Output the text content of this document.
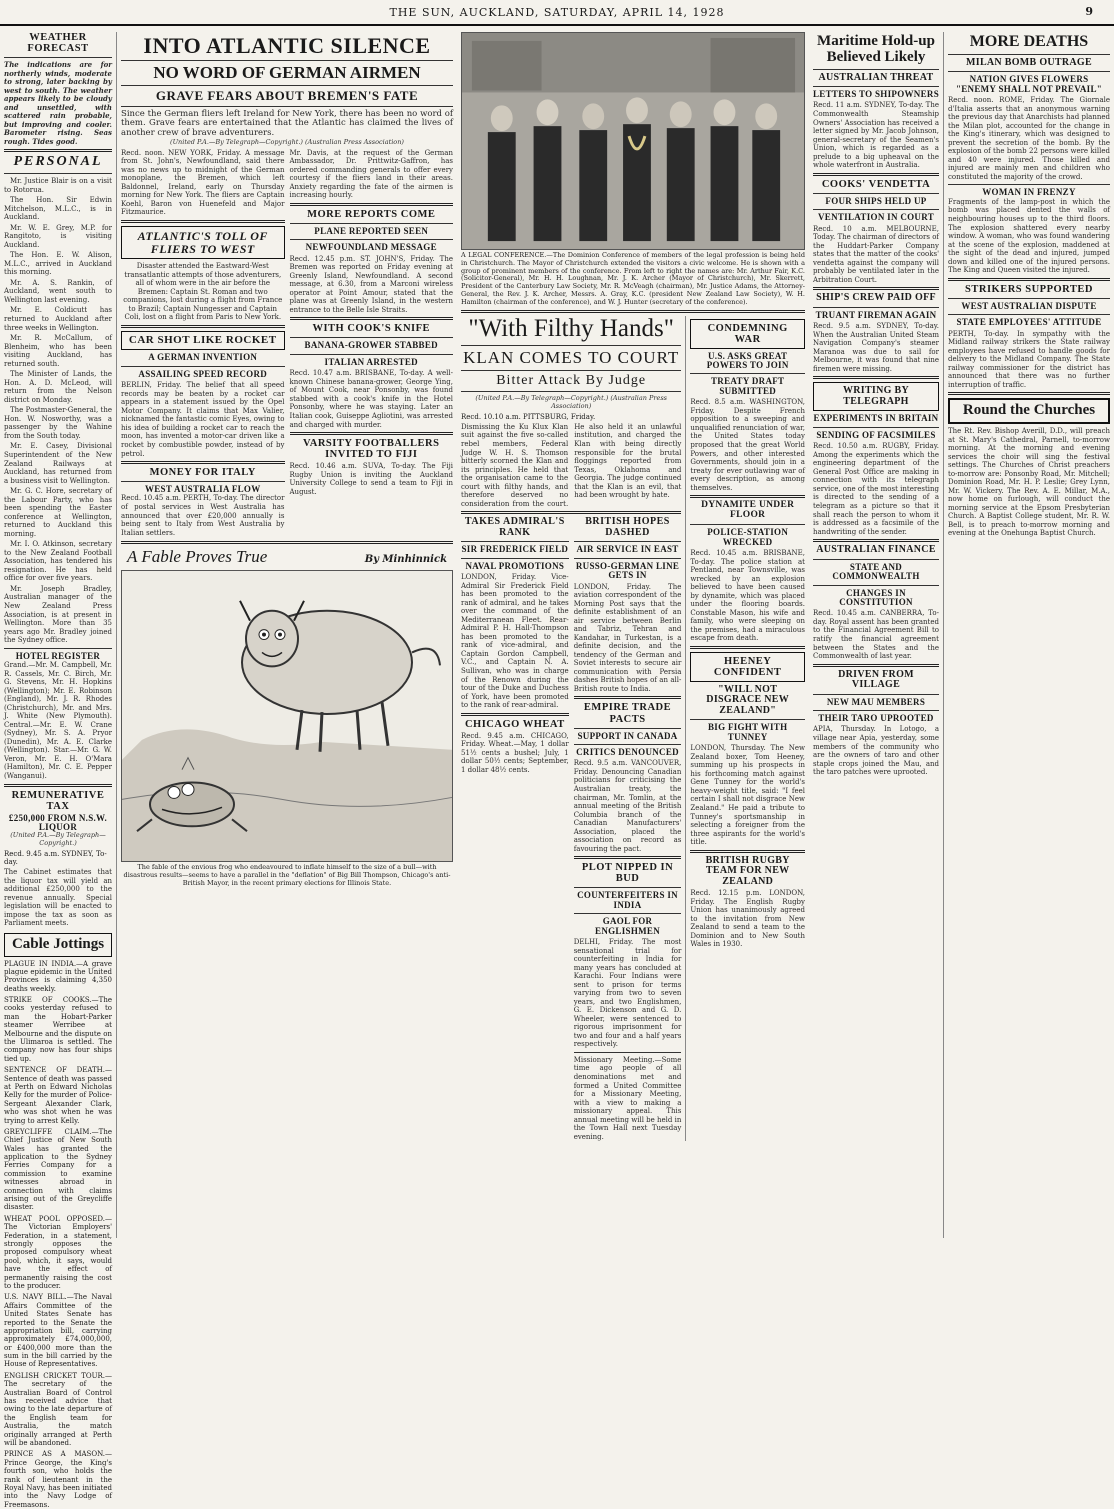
THE SUN, AUCKLAND, SATURDAY, APRIL 14, 1928	9
WEATHER FORECAST
The indications are for northerly winds, moderate to strong, later backing by west to south. The weather appears likely to be cloudy and unsettled, with scattered rain probable, but improving and cooler. Barometer rising. Seas rough. Tides good.
PERSONAL

Mr. Justice Blair is on a visit to Rotorua.

The Hon. Sir Edwin Mitchelson, M.L.C., is in Auckland.

Mr. W. E. Grey, M.P. for Rangitoto, is visiting Auckland.

The Hon. E. W. Alison, M.L.C., arrived in Auckland this morning.

Mr. A. S. Rankin, of Auckland, went south to Wellington last evening.

Mr. E. Coldicutt has returned to Auckland after three weeks in Wellington.

Mr. R. McCallum, of Blenheim, who has been visiting Auckland, has returned south.

The Minister of Lands, the Hon. A. D. McLeod, will return from the Nelson district on Monday.

The Postmaster-General, the Hon. W. Nosworthy, was a passenger by the Wahine from the South today.

Mr. E. Casey, Divisional Superintendent of the New Zealand Railways at Auckland, has returned from a business visit to Wellington.

Mr. G. C. Hore, secretary of the Labour Party, who has been spending the Easter conference at Wellington, returned to Auckland this morning.

Mr. I. O. Atkinson, secretary to the New Zealand Football Association, has tendered his resignation. He has held office for over five years.

Mr. Joseph Bradley, Australian manager of the New Zealand Press Association, is at present in Wellington. More than 35 years ago Mr. Bradley joined the Sydney office.

HOTEL REGISTER
Grand.—Mr. M. Campbell, Mr. R. Cassels, Mr. C. Birch, Mr. G. Stevens, Mr. H. Hopkins (Wellington); Mr. E. Robinson (England), Mr. J. R. Rhodes (Christchurch), Mr. and Mrs. J. White (New Plymouth). Central.—Mr. E. W. Crane (Sydney), Mr. S. A. Pryor (Dunedin), Mr. A. E. Clarke (Wellington). Star.—Mr. G. W. Veron, Mr. E. H. O'Mara (Hamilton), Mr. C. E. Pepper (Wanganui).
REMUNERATIVE TAX
£250,000 FROM N.S.W. LIQUOR
(United P.A.—By Telegraph—Copyright.)
Recd. 9.45 a.m. SYDNEY, To-day.
The Cabinet estimates that the liquor tax will yield an additional £250,000 to the revenue annually. Special legislation will be enacted to impose the tax as soon as Parliament meets.
Cable Jottings
PLAGUE IN INDIA.—A grave plague epidemic in the United Provinces is claiming 4,350 deaths weekly.
STRIKE OF COOKS.—The cooks yesterday refused to man the Hobart-Parker steamer Werribee at Melbourne and the dispute on the Ulimaroa is settled. The company now has four ships tied up.
SENTENCE OF DEATH.—Sentence of death was passed at Perth on Edward Nicholas Kelly for the murder of Police-Sergeant Alexander Clark, who was shot when he was trying to arrest Kelly.
GREYCLIFFE CLAIM.—The Chief Justice of New South Wales has granted the application to the Sydney Ferries Company for a commission to examine witnesses abroad in connection with claims arising out of the Greycliffe disaster.
WHEAT POOL OPPOSED.—The Victorian Employers' Federation, in a statement, strongly opposes the proposed compulsory wheat pool, which, it says, would have the effect of permanently raising the cost to the producer.
U.S. NAVY BILL.—The Naval Affairs Committee of the United States Senate has reported to the Senate the appropriation bill, carrying approximately £74,000,000, or £400,000 more than the sum in the bill carried by the House of Representatives.
ENGLISH CRICKET TOUR.—The secretary of the Australian Board of Control has received advice that owing to the late departure of the English team for Australia, the match originally arranged at Perth will be abandoned.
PRINCE AS A MASON.—Prince George, the King's fourth son, who holds the rank of lieutenant in the Royal Navy, has been initiated into the Navy Lodge of Freemasons.
INTO ATLANTIC SILENCE
NO WORD OF GERMAN AIRMEN
GRAVE FEARS ABOUT BREMEN'S FATE
Since the German fliers left Ireland for New York, there has been no word of them. Grave fears are entertained that the Atlantic has claimed the lives of another crew of brave adventurers.
(United P.A.—By Telegraph—Copyright.) (Australian Press Association)
Recd. noon. NEW YORK, Friday. A message from St. John's, Newfoundland, said there was no news up to midnight of the German monoplane, the Bremen, which left Baldonnel, Ireland, early on Thursday morning for New York. The fliers are Captain Koehl, Baron von Huenefeld and Major Fitzmaurice.
ATLANTIC'S TOLL OF FLIERS TO WEST
Disaster attended the Eastward-West transatlantic attempts of those adventurers, all of whom were in the air before the Bremen: Captain St. Roman and two companions, lost during a flight from France to Brazil; Captain Nungesser and Captain Coli, lost on a flight from Paris to New York.
CAR SHOT LIKE ROCKET
A GERMAN INVENTION
ASSAILING SPEED RECORD
BERLIN, Friday. The belief that all speed records may be beaten by a rocket car appears in a statement issued by the Opel Motor Company. It claims that Max Valier, nicknamed the fantastic comic Eyes, owing to his idea of building a rocket car to reach the moon, has invented a motor-car driven like a rocket by combustible powder, instead of by petrol.
MONEY FOR ITALY
WEST AUSTRALIA FLOW
Recd. 10.45 a.m. PERTH, To-day. The director of postal services in West Australia has announced that over £20,000 annually is being sent to Italy from West Australia by Italian settlers.
Mr. Davis, at the request of the German Ambassador, Dr. Prittwitz-Gaffron, has ordered commanding generals to offer every courtesy if the fliers land in their areas. Anxiety regarding the fate of the airmen is increasing hourly.
MORE REPORTS COME
PLANE REPORTED SEEN
NEWFOUNDLAND MESSAGE
Recd. 12.45 p.m. ST. JOHN'S, Friday. The Bremen was reported on Friday evening at Greenly Island, Newfoundland. A second message, at 6.30, from a Marconi wireless operator at Point Amour, stated that the plane was at Greenly Island, in the western entrance to the Belle Isle Straits.
WITH COOK'S KNIFE
BANANA-GROWER STABBED
ITALIAN ARRESTED
Recd. 10.47 a.m. BRISBANE, To-day. A well-known Chinese banana-grower, George Ying, of Mount Cook, near Ponsonby, was found stabbed with a cook's knife in the Hotel Ponsonby, where he was staying. Later an Italian cook, Guiseppe Agliotini, was arrested and charged with murder.
VARSITY FOOTBALLERS INVITED TO FIJI
Recd. 10.46 a.m. SUVA, To-day. The Fiji Rugby Union is inviting the Auckland University College to send a team to Fiji in August.
A Fable Proves True	By Minhinnick
The fable of the envious frog who endeavoured to inflate himself to the size of a bull—with disastrous results—seems to have a parallel in the "deflation" of Big Bill Thompson, Chicago's anti-British Mayor, in the recent primary elections for Illinois State.
A LEGAL CONFERENCE.—The Dominion Conference of members of the legal profession is being held in Christchurch. The Mayor of Christchurch extended the visitors a civic welcome. He is shown with a group of prominent members of the conference. From left to right the names are: Mr. Arthur Fair, K.C. (Solicitor-General), Mr. H. H. Loughnan, Mr. J. K. Archer (Mayor of Christchurch), Mr. Skerrett, President of the Canterbury Law Society, Mr. R. McVeagh (chairman), Mr. Justice Adams, the Attorney-General, the Rev. J. K. Archer, Messrs. A. Gray, K.C. (president New Zealand Law Society), W. H. Hamilton (chairman of the conference), and W. J. Hunter (secretary of the conference).
"With Filthy Hands"
KLAN COMES TO COURT
Bitter Attack By Judge
(United P.A.—By Telegraph—Copyright.) (Australian Press Association)
Recd. 10.10 a.m. PITTSBURG, Friday.
Dismissing the Ku Klux Klan suit against the five so-called rebel members, Federal Judge W. H. S. Thomson bitterly scorned the Klan and its principles. He held that the organisation came to the court with filthy hands, and therefore deserved no consideration from the court. He also held it an unlawful institution, and charged the Klan with being directly responsible for the brutal floggings reported from Texas, Oklahoma and Georgia. The judge continued that the Klan is an evil, that had been wrought by hate.
TAKES ADMIRAL'S RANK
SIR FREDERICK FIELD
NAVAL PROMOTIONS
LONDON, Friday. Vice-Admiral Sir Frederick Field has been promoted to the rank of admiral, and he takes over the command of the Mediterranean Fleet. Rear-Admiral P. H. Hall-Thompson has been promoted to the rank of vice-admiral, and Captain Gordon Campbell, V.C., and Captain N. A. Sullivan, who was in charge of the Renown during the tour of the Duke and Duchess of York, have been promoted to the rank of rear-admiral.
CHICAGO WHEAT
Recd. 9.45 a.m. CHICAGO, Friday. Wheat.—May, 1 dollar 51½ cents a bushel; July, 1 dollar 50½ cents; September, 1 dollar 48½ cents.
BRITISH HOPES DASHED
AIR SERVICE IN EAST
RUSSO-GERMAN LINE GETS IN
LONDON, Friday. The aviation correspondent of the Morning Post says that the definite establishment of an air service between Berlin and Tabriz, Tehran and Kandahar, in Turkestan, is a definite decision, and the tendency of the German and Soviet interests to secure air communication with Persia dashes British hopes of an all-British route to India.
EMPIRE TRADE PACTS
SUPPORT IN CANADA
CRITICS DENOUNCED
Recd. 9.5 a.m. VANCOUVER, Friday. Denouncing Canadian politicians for criticising the Australian treaty, the chairman, Mr. Tomlin, at the annual meeting of the British Columbia branch of the Canadian Manufacturers' Association, placed the association on record as favouring the pact.
PLOT NIPPED IN BUD
COUNTERFEITERS IN INDIA
GAOL FOR ENGLISHMEN
DELHI, Friday. The most sensational trial for counterfeiting in India for many years has concluded at Karachi. Four Indians were sent to prison for terms varying from two to seven years, and two Englishmen, G. E. Dickenson and G. D. Wheeler, were sentenced to rigorous imprisonment for two and four and a half years respectively.
Missionary Meeting.—Some time ago people of all denominations met and formed a United Committee for a Missionary Meeting, with a view to making a missionary appeal. This annual meeting will be held in the Town Hall next Tuesday evening.
CONDEMNING WAR
U.S. ASKS GREAT POWERS TO JOIN
TREATY DRAFT SUBMITTED
Recd. 8.5 a.m. WASHINGTON, Friday. Despite French opposition to a sweeping and unqualified renunciation of war, the United States today proposed that the great World Powers, and other interested Governments, should join in a treaty for ever outlawing war of every description, as among themselves.
DYNAMITE UNDER FLOOR
POLICE-STATION WRECKED
Recd. 10.45 a.m. BRISBANE, To-day. The police station at Pentland, near Townsville, was wrecked by an explosion believed to have been caused by dynamite, which was placed under the flooring boards. Constable Mason, his wife and family, who were sleeping on the premises, had a miraculous escape from death.
HEENEY CONFIDENT
"WILL NOT DISGRACE NEW ZEALAND"
BIG FIGHT WITH TUNNEY
LONDON, Thursday. The New Zealand boxer, Tom Heeney, summing up his prospects in his forthcoming match against Gene Tunney for the world's heavy-weight title, said: "I feel certain I shall not disgrace New Zealand." He paid a tribute to Tunney's sportsmanship in selecting a foreigner from the three aspirants for the world's title.
BRITISH RUGBY TEAM FOR NEW ZEALAND
Recd. 12.15 p.m. LONDON, Friday. The English Rugby Union has unanimously agreed to the invitation from New Zealand to send a team to the Dominion and to New South Wales in 1930.
Maritime Hold-up Believed Likely
AUSTRALIAN THREAT
LETTERS TO SHIPOWNERS
Recd. 11 a.m. SYDNEY, To-day. The Commonwealth Steamship Owners' Association has received a letter signed by Mr. Jacob Johnson, general-secretary of the Seamen's Union, which is regarded as a prelude to a big upheaval on the whole waterfront in Australia.
COOKS' VENDETTA
FOUR SHIPS HELD UP
VENTILATION IN COURT
Recd. 10 a.m. MELBOURNE, Today. The chairman of directors of the Huddart-Parker Company states that the matter of the cooks' vendetta against the company will probably be ventilated later in the Arbitration Court.
SHIP'S CREW PAID OFF
TRUANT FIREMAN AGAIN
Recd. 9.5 a.m. SYDNEY, To-day. When the Australian United Steam Navigation Company's steamer Maranoa was due to sail for Melbourne, it was found that nine firemen were missing.
WRITING BY TELEGRAPH
EXPERIMENTS IN BRITAIN
SENDING OF FACSIMILES
Recd. 10.50 a.m. RUGBY, Friday. Among the experiments which the engineering department of the General Post Office are making in connection with its telegraph service, one of the most interesting is directed to the sending of a telegram as a picture so that it shall reach the person to whom it is addressed as a facsimile of the handwriting of the sender.
AUSTRALIAN FINANCE
STATE AND COMMONWEALTH
CHANGES IN CONSTITUTION
Recd. 10.45 a.m. CANBERRA, To-day. Royal assent has been granted to the Financial Agreement Bill to ratify the financial agreement between the States and the Commonwealth of last year.
DRIVEN FROM VILLAGE
NEW MAU MEMBERS
THEIR TARO UPROOTED
APIA, Thursday. In Lotogo, a village near Apia, yesterday, some members of the community who are the owners of taro and other staple crops joined the Mau, and the taro patches were uprooted.
MORE DEATHS
MILAN BOMB OUTRAGE
NATION GIVES FLOWERS
"ENEMY SHALL NOT PREVAIL"
Recd. noon. ROME, Friday. The Giornale d'Italia asserts that an anonymous warning the previous day that Anarchists had planned the Milan plot, accounted for the change in the King's itinerary, which was designed to prevent the secretion of the bomb. By the explosion of the bomb 22 persons were killed and 40 were injured. Those killed and injured are mainly men and children who constituted the majority of the crowd.
WOMAN IN FRENZY
Fragments of the lamp-post in which the bomb was placed dented the walls of neighbouring houses up to the third floors. The explosion shattered every nearby window. A woman, who was found wandering at the scene of the explosion, maddened at the sight of the dead and injured, jumped down and killed one of the injured persons. The King and Queen visited the injured.
STRIKERS SUPPORTED
WEST AUSTRALIAN DISPUTE
STATE EMPLOYEES' ATTITUDE
PERTH, To-day. In sympathy with the Midland railway strikers the State railway employees have refused to handle goods for delivery to the Midland Company. The State railway commissioner for the district has announced that there was no further interruption of traffic.
Round the Churches
The Rt. Rev. Bishop Averill, D.D., will preach at St. Mary's Cathedral, Parnell, to-morrow morning. At the morning and evening services the choir will sing the festival settings. The Churches of Christ preachers to-morrow are: Ponsonby Road, Mr. Mitchell; Dominion Road, Mr. H. P. Leslie; Grey Lynn, Mr. W. Vickery. The Rev. A. E. Millar, M.A., now home on furlough, will conduct the morning service at the Epsom Presbyterian Church. A Baptist College student, Mr. R. W. Bell, is to preach to-morrow morning and evening at the Onehunga Baptist Church.
